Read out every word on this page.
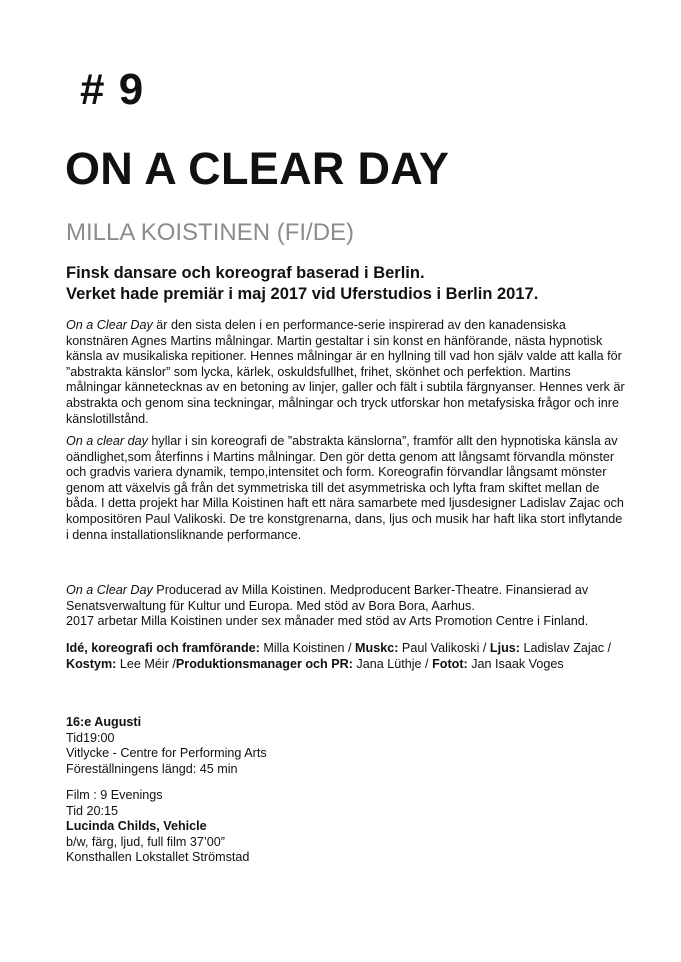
# 9
ON A CLEAR DAY
MILLA KOISTINEN (FI/DE)
Finsk dansare och koreograf baserad i Berlin.
Verket hade premiär i maj 2017 vid Uferstudios i Berlin 2017.

On a Clear Day är den sista delen i en performance-serie inspirerad av den kanadensiska konstnären Agnes Martins målningar. Martin gestaltar i sin konst en hänförande, nästa hypnotisk känsla av musikaliska repitioner. Hennes målningar är en hyllning till vad hon själv valde att kalla för ”abstrakta känslor” som lycka, kärlek, oskuldsfullhet, frihet, skönhet och perfektion. Martins målningar kännetecknas av en betoning av linjer, galler och fält i subtila färgnyanser. Hennes verk är abstrakta och genom sina teckningar, målningar och tryck utforskar hon metafysiska frågor och inre känslotillstånd.

On a clear day hyllar i sin koreografi de ”abstrakta känslorna”, framför allt den hypnotiska känsla av oändlighet,som återfinns i Martins målningar. Den gör detta genom att långsamt förvandla mönster och gradvis variera dynamik, tempo,intensitet och form. Koreografin förvandlar långsamt mönster genom att växelvis gå från det symmetriska till det asymmetriska och lyfta fram skiftet mellan de båda. I detta projekt har Milla Koistinen haft ett nära samarbete med ljusdesigner Ladislav Zajac och kompositören Paul Valikoski. De tre konstgrenarna, dans, ljus och musik har haft lika stort inflytande i denna installationsliknande performance.

On a Clear Day Producerad av Milla Koistinen. Medproducent Barker-Theatre. Finansierad av Senatsverwaltung für Kultur und Europa. Med stöd av Bora Bora, Aarhus.

2017 arbetar Milla Koistinen under sex månader med stöd av Arts Promotion Centre i Finland.

Idé, koreografi och framförande: Milla Koistinen / Muskc: Paul Valikoski / Ljus: Ladislav Zajac / Kostym: Lee Méir /Produktionsmanager och PR: Jana Lüthje / Fotot: Jan Isaak Voges

16:e Augusti
Tid19:00
Vitlycke - Centre for Performing Arts
Föreställningens längd: 45 min
Film : 9 Evenings
Tid 20:15
Lucinda Childs, Vehicle
b/w, färg, ljud, full film 37’00”
Konsthallen Lokstallet Strömstad
